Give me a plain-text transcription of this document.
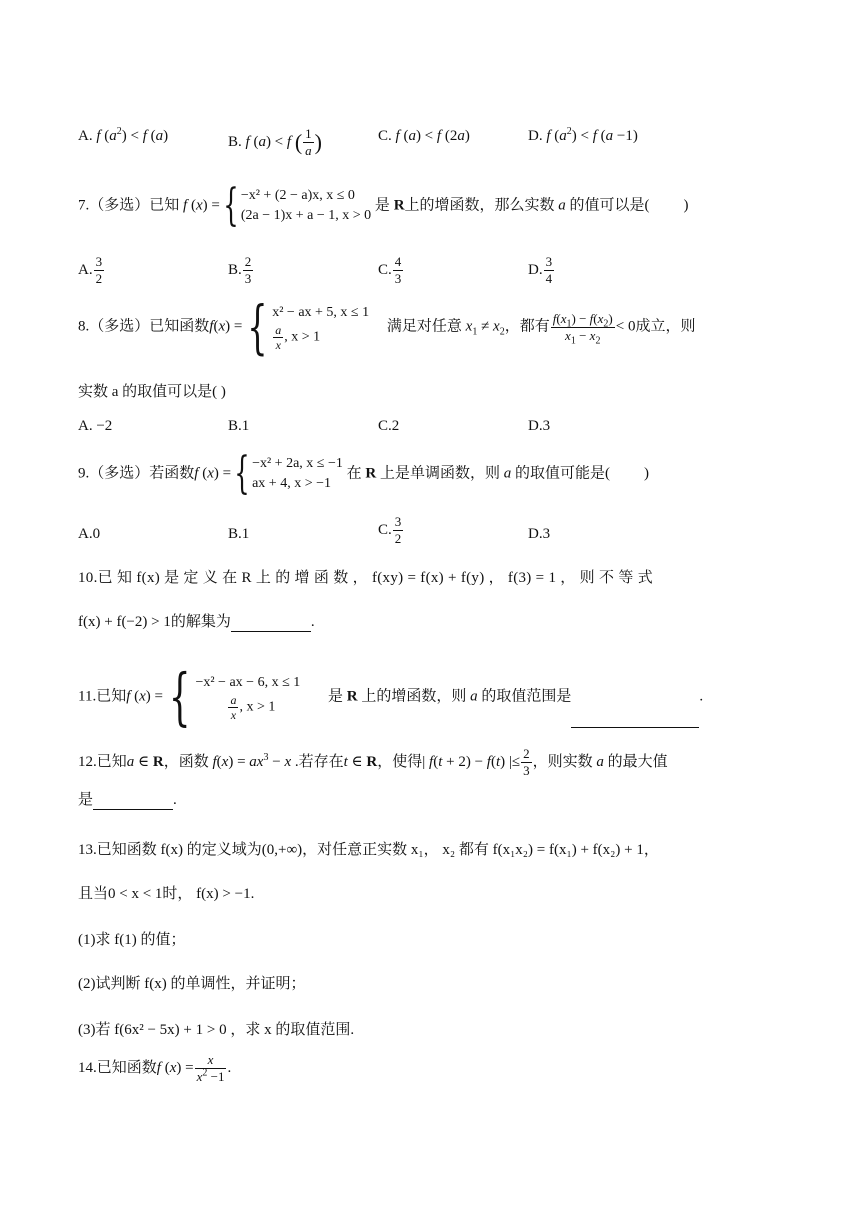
A. f $(a^2) < f$ (a)	B. f (a) < f ( $\frac{1}{a}$ )	C. f (a) < f (2a)	D. f $(a^2) < f$ (a −1)
7.（多选）已知 f (x) ={ −x² + (2 − a)x, x ≤ 0
(2a − 1)x + a − 1, x > 0
是 R上的增函数，那么实数 a 的值可以是( )
A. $\frac{3}{2}$	B. $\frac{2}{3}$	C. $\frac{4}{3}$	D. $\frac{3}{4}$
8.（多选）已知函数f(x) ={ x² − ax + 5, x ≤ 1
$\frac{a}{x}$ , x > 1
满足对任意 $x_1 \ne x_2$，都有 $\frac{f(x_1) - f(x_2)}{x_1 - x_2} < 0$成立，则
实数 a 的取值可以是( )
A. −2	B.1	C.2	D.3
9.（多选）若函数f (x) ={ −x² + 2a, x ≤ −1
ax + 4, x > −1
在 R 上是单调函数，则 a 的取值可能是( )
A.0	B.1	C. $\frac{3}{2}$	D.3
10.已 知 f(x) 是 定 义 在 R 上 的 增 函 数 ， f(xy) = f(x) + f(y) ， f(3) = 1 ， 则 不 等 式
f(x) + f(−2) > 1的解集为	.
11.已知f (x) ={ −x² − ax − 6, x ≤ 1
$\frac{a}{x}$ , x > 1
是 R 上的增函数，则 a 的取值范围是	.
12.已知a ∈ R，函数 $f(x) = ax^3 - x$ .若存在t ∈ R，使得| f(t + 2) − f(t) |≤ $\frac{2}{3}$ ，则实数 a 的最大值
是	.
13.已知函数 f(x) 的定义域为(0,+∞)，对任意正实数 x₁， x₂ 都有 f(x₁x₂) = f(x₁) + f(x₂) + 1，
且当0 < x < 1时， f(x) > −1.
(1)求 f(1) 的值；
(2)试判断 f(x) 的单调性，并证明；
(3)若 f(6x² − 5x) + 1 > 0 ，求 x 的取值范围.
14.已知函数f $(x) = \frac{x}{x^2 -1}$ .
